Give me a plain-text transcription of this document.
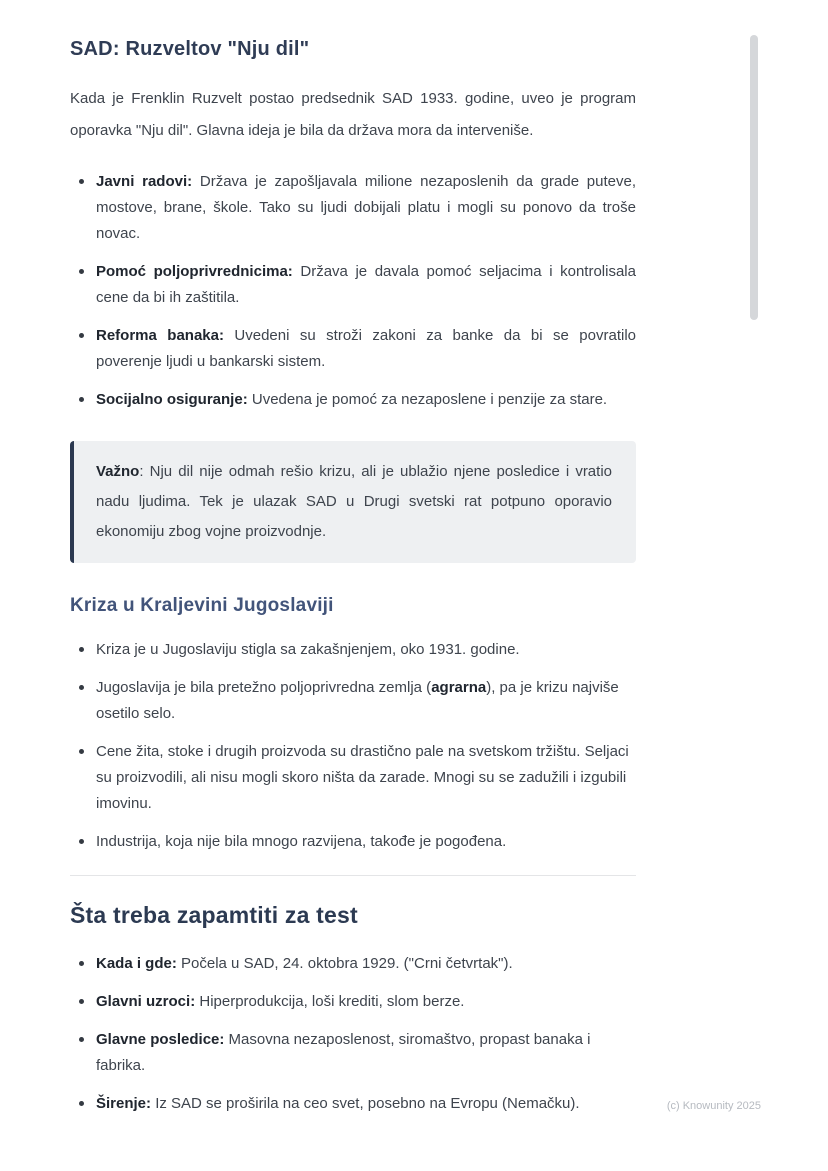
SAD: Ruzveltov "Nju dil"

Kada je Frenklin Ruzvelt postao predsednik SAD 1933. godine, uveo je program oporavka "Nju dil". Glavna ideja je bila da država mora da interveniše.

Javni radovi: Država je zapošljavala milione nezaposlenih da grade puteve, mostove, brane, škole. Tako su ljudi dobijali platu i mogli su ponovo da troše novac.
Pomoć poljoprivrednicima: Država je davala pomoć seljacima i kontrolisala cene da bi ih zaštitila.
Reforma banaka: Uvedeni su stroži zakoni za banke da bi se povratilo poverenje ljudi u bankarski sistem.
Socijalno osiguranje: Uvedena je pomoć za nezaposlene i penzije za stare.

Važno: Nju dil nije odmah rešio krizu, ali je ublažio njene posledice i vratio nadu ljudima. Tek je ulazak SAD u Drugi svetski rat potpuno oporavio ekonomiju zbog vojne proizvodnje.

Kriza u Kraljevini Jugoslaviji
Kriza je u Jugoslaviju stigla sa zakašnjenjem, oko 1931. godine.
Jugoslavija je bila pretežno poljoprivredna zemlja (agrarna), pa je krizu najviše osetilo selo.
Cene žita, stoke i drugih proizvoda su drastično pale na svetskom tržištu. Seljaci su proizvodili, ali nisu mogli skoro ništa da zarade. Mnogi su se zadužili i izgubili imovinu.
Industrija, koja nije bila mnogo razvijena, takođe je pogođena.
Šta treba zapamtiti za test
Kada i gde: Počela u SAD, 24. oktobra 1929. ("Crni četvrtak").
Glavni uzroci: Hiperprodukcija, loši krediti, slom berze.
Glavne posledice: Masovna nezaposlenost, siromaštvo, propast banaka i fabrika.
Širenje: Iz SAD se proširila na ceo svet, posebno na Evropu (Nemačku).	(c) Knowunity 2025
